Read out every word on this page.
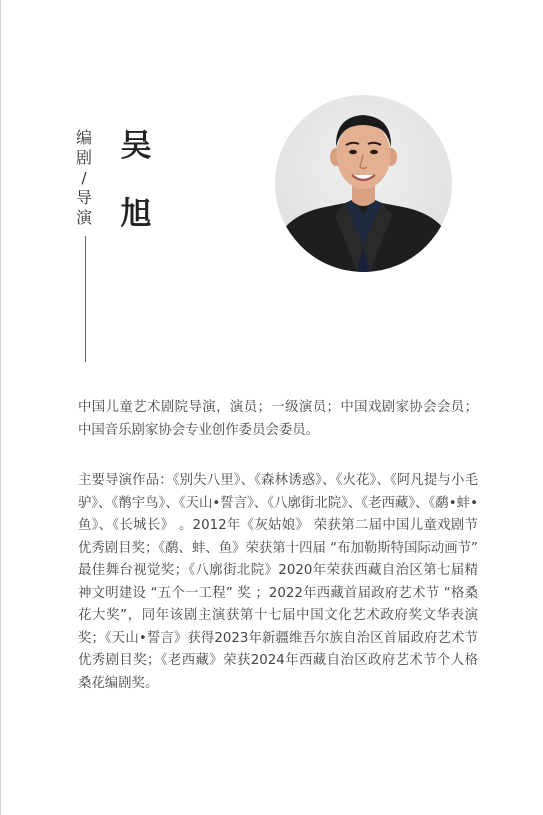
编
剧
/
导
演
吴
旭

中国儿童艺术剧院导演，演员；一级演员；中国戏剧家协会会员；中国音乐剧家协会专业创作委员会委员。

主要导演作品：《别失八里》、《森林诱惑》、《火花》、《阿凡提与小毛驴》、《鹡宇鸟》、《天山•誓言》、《八廓街北院》、《老西藏》、《鹬•蚌•鱼》、《长城长》 。2012年《灰姑娘》 荣获第二届中国儿童戏剧节优秀剧目奖；《鹬、蚌、鱼》荣获第十四届 “布加勒斯特国际动画节” 最佳舞台视觉奖；《八廓街北院》2020年荣获西藏自治区第七届精神文明建设 “五个一工程” 奖 ；2022年西藏首届政府艺术节 “格桑花大奖”，同年该剧主演获第十七届中国文化艺术政府奖文华表演奖；《天山•誓言》获得2023年新疆维吾尔族自治区首届政府艺术节优秀剧目奖；《老西藏》荣获2024年西藏自治区政府艺术节个人格桑花编剧奖。
